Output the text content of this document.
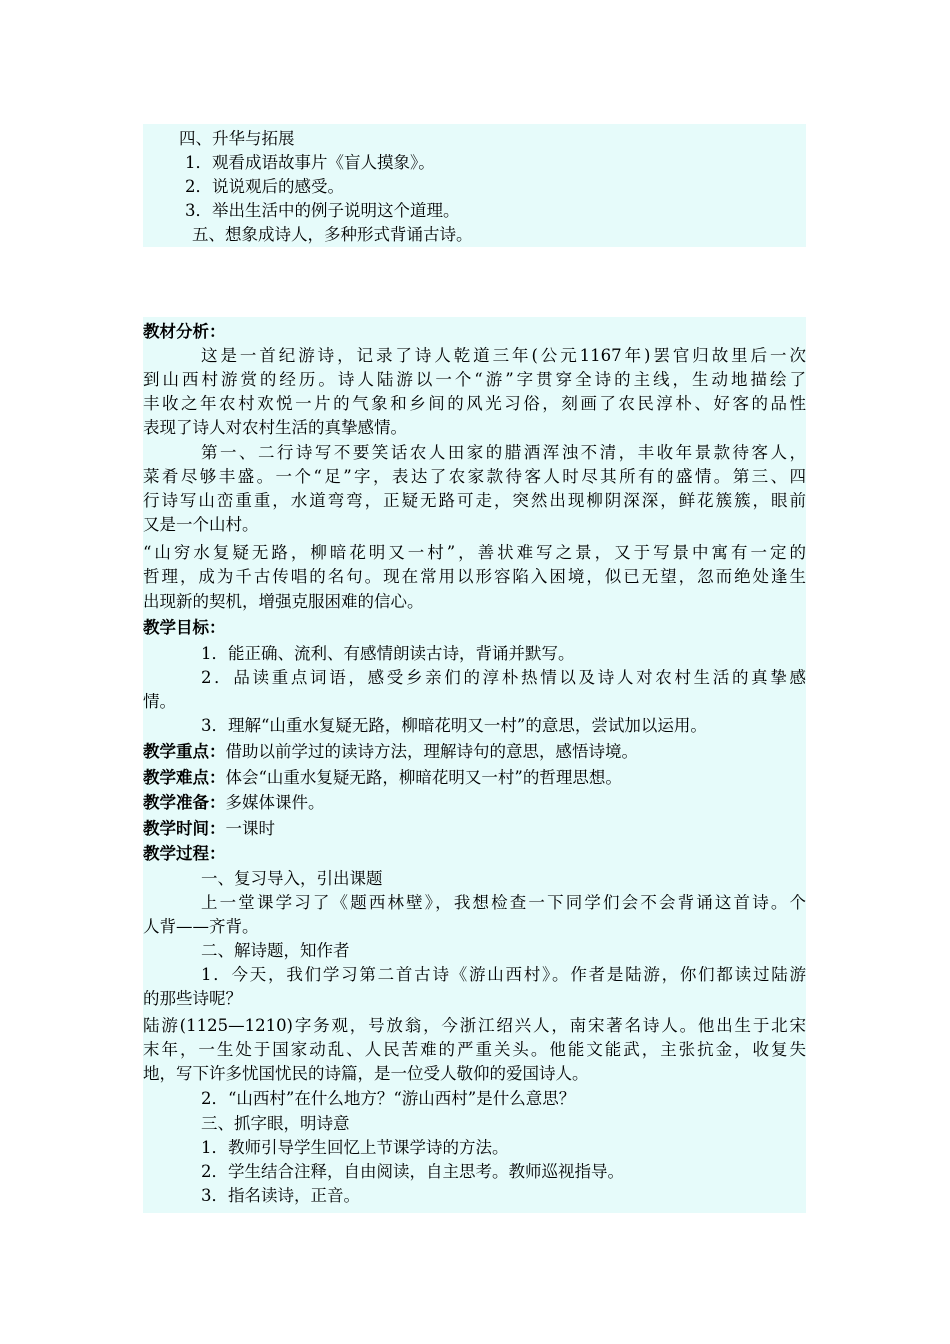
四、升华与拓展
1．观看成语故事片《盲人摸象》。
2．说说观后的感受。
3．举出生活中的例子说明这个道理。
五、想象成诗人，多种形式背诵古诗。
教材分析：
这是一首纪游诗，记录了诗人乾道三年(公元1167年)罢官归故里后一次
到山西村游赏的经历。诗人陆游以一个“游”字贯穿全诗的主线，生动地描绘了
丰收之年农村欢悦一片的气象和乡间的风光习俗，刻画了农民淳朴、好客的品性
表现了诗人对农村生活的真挚感情。
第一、二行诗写不要笑话农人田家的腊酒浑浊不清，丰收年景款待客人，
菜肴尽够丰盛。一个“足”字，表达了农家款待客人时尽其所有的盛情。第三、四
行诗写山峦重重，水道弯弯，正疑无路可走，突然出现柳阴深深，鲜花簇簇，眼前
又是一个山村。
“山穷水复疑无路，柳暗花明又一村”，善状难写之景，又于写景中寓有一定的
哲理，成为千古传唱的名句。现在常用以形容陷入困境，似已无望，忽而绝处逢生
出现新的契机，增强克服困难的信心。
教学目标：
1．能正确、流利、有感情朗读古诗，背诵并默写。
2．品读重点词语，感受乡亲们的淳朴热情以及诗人对农村生活的真挚感
情。
3．理解“山重水复疑无路，柳暗花明又一村”的意思，尝试加以运用。
教学重点：借助以前学过的读诗方法，理解诗句的意思，感悟诗境。
教学难点：体会“山重水复疑无路，柳暗花明又一村”的哲理思想。
教学准备：多媒体课件。
教学时间：一课时
教学过程：
一、复习导入，引出课题
上一堂课学习了《题西林壁》，我想检查一下同学们会不会背诵这首诗。个
人背——齐背。
二、解诗题，知作者
1．今天，我们学习第二首古诗《游山西村》。作者是陆游，你们都读过陆游
的那些诗呢？
陆游(1125—1210)字务观，号放翁，今浙江绍兴人，南宋著名诗人。他出生于北宋
末年，一生处于国家动乱、人民苦难的严重关头。他能文能武，主张抗金，收复失
地，写下许多忧国忧民的诗篇，是一位受人敬仰的爱国诗人。
2．“山西村”在什么地方？“游山西村”是什么意思？
三、抓字眼，明诗意
1．教师引导学生回忆上节课学诗的方法。
2．学生结合注释，自由阅读，自主思考。教师巡视指导。
3．指名读诗，正音。
